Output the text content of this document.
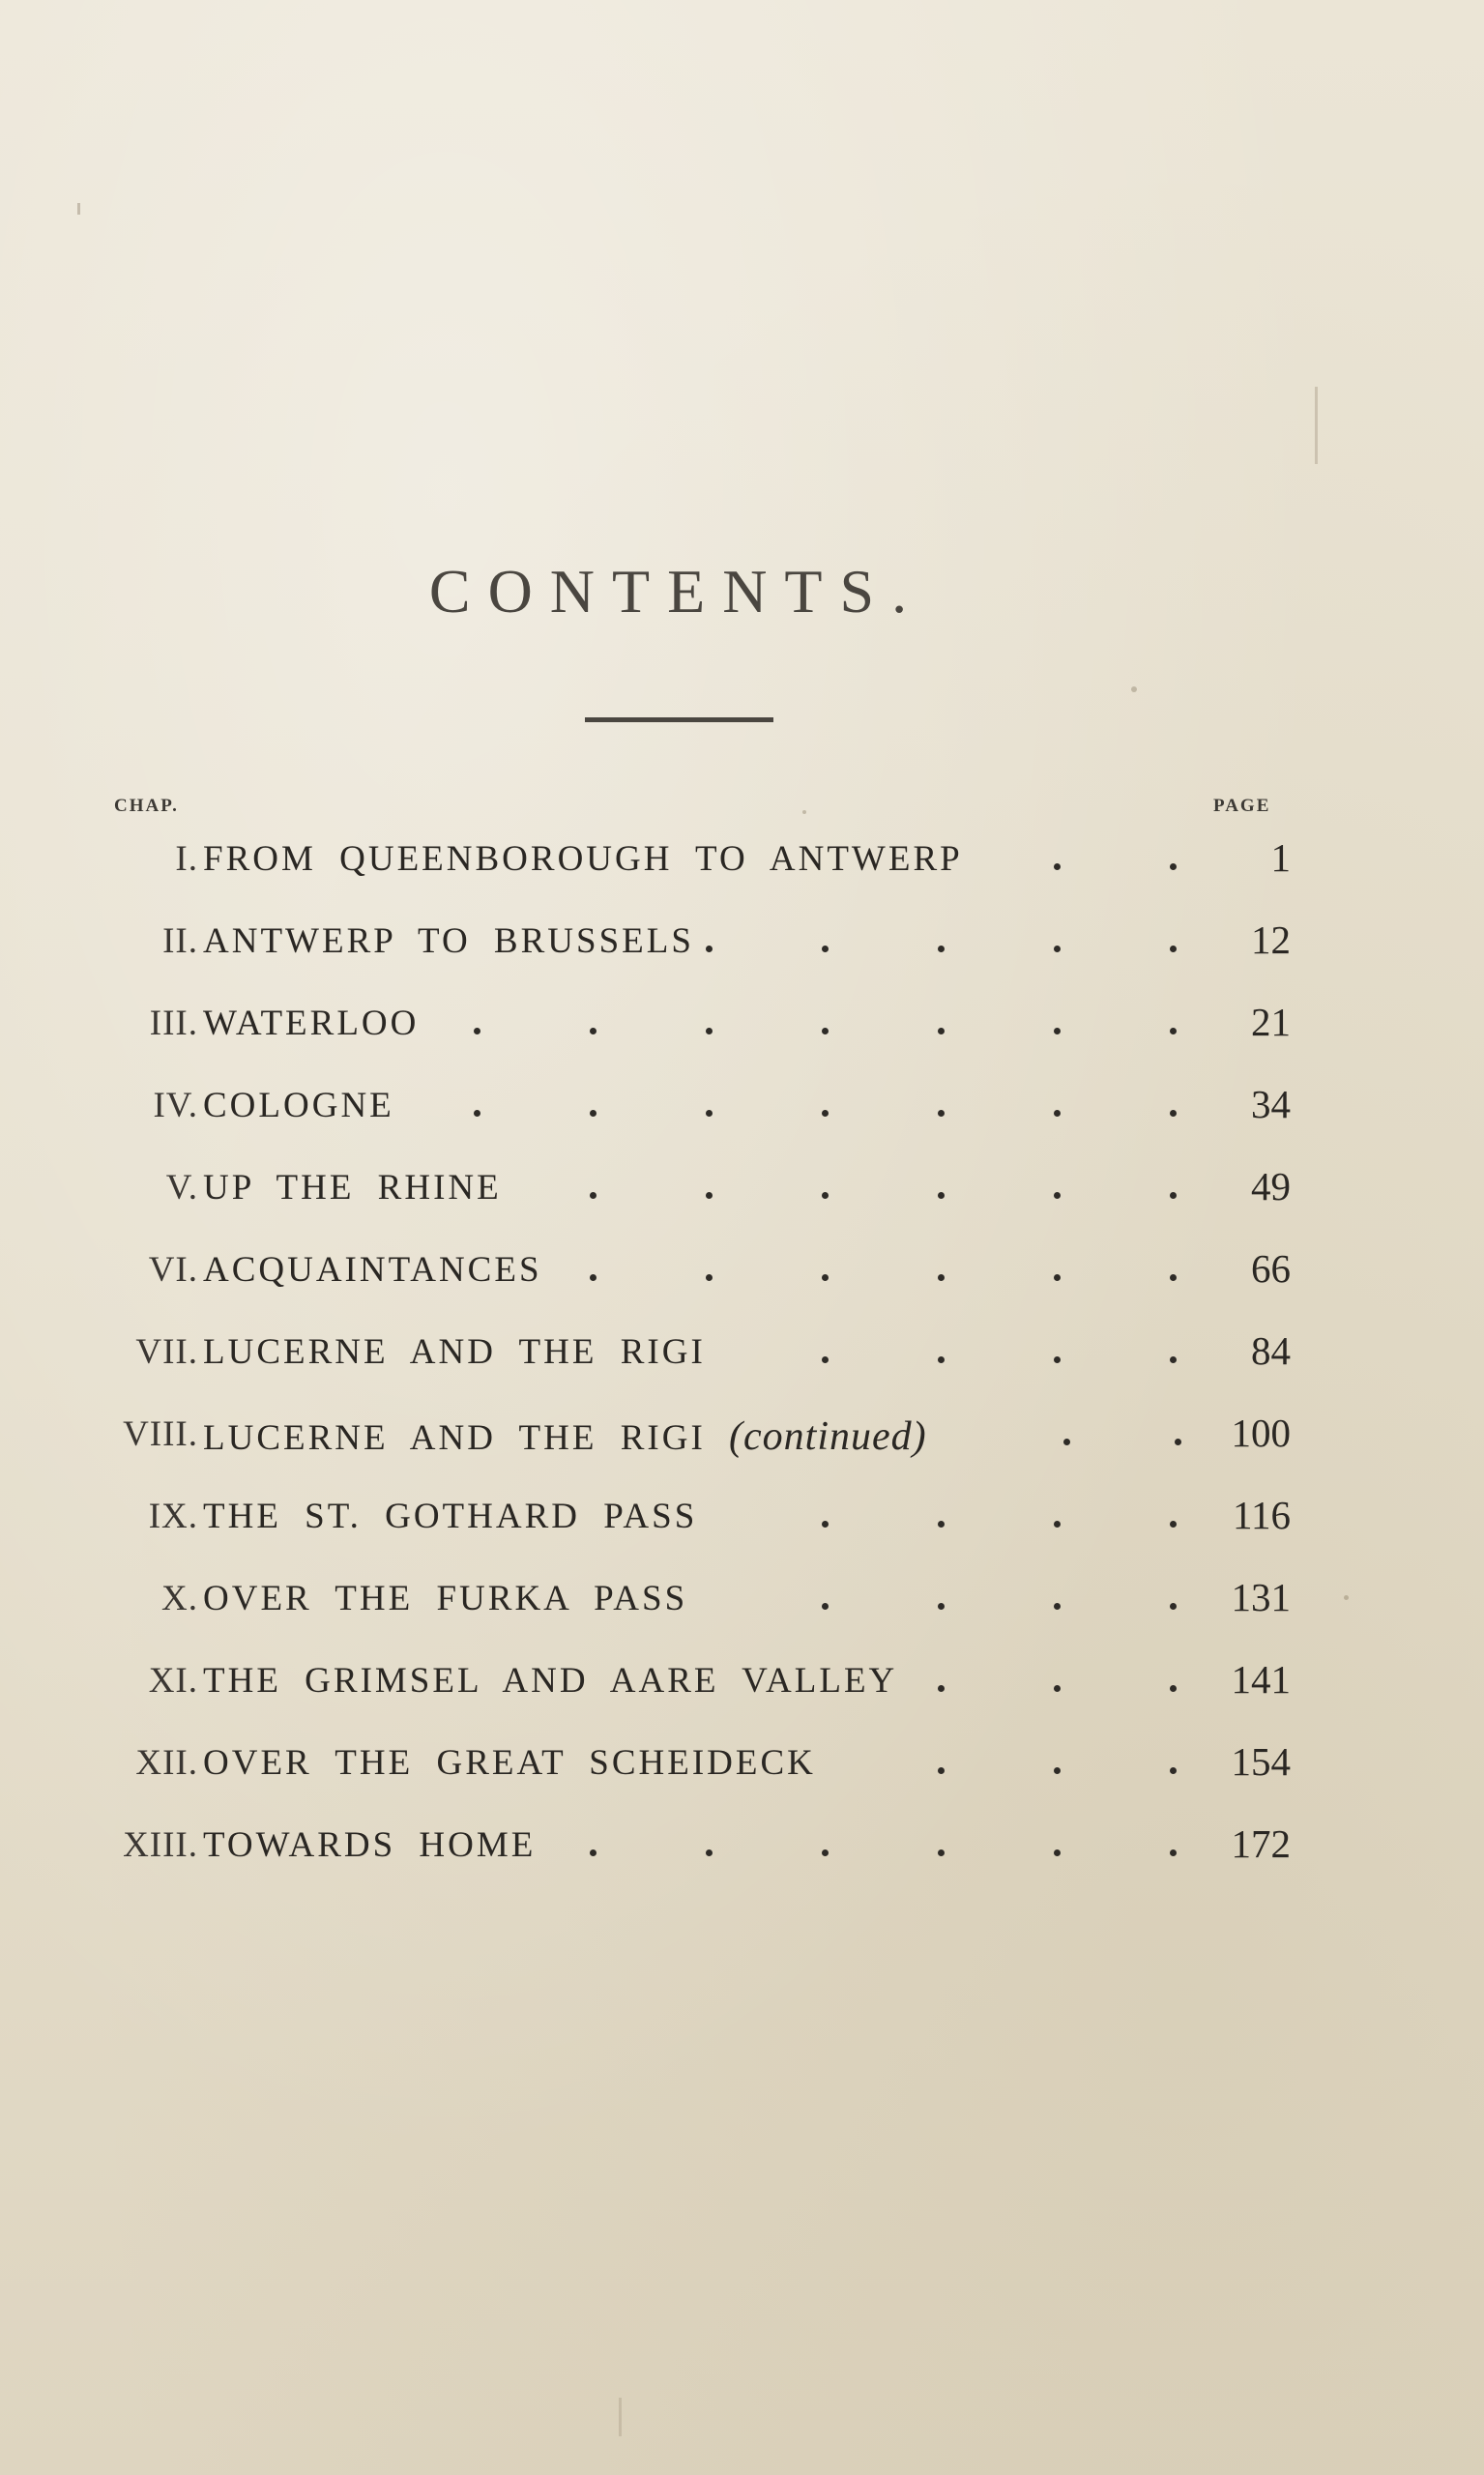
CONTENTS.
CHAP.	PAGE
I. FROM QUEENBOROUGH TO ANTWERP	1
II. ANTWERP TO BRUSSELS	12
III. WATERLOO	21
IV. COLOGNE	34
V. UP THE RHINE	49
VI. ACQUAINTANCES	66
VII. LUCERNE AND THE RIGI	84
VIII. LUCERNE AND THE RIGI (continued)	100
IX. THE ST. GOTHARD PASS	116
X. OVER THE FURKA PASS	131
XI. THE GRIMSEL AND AARE VALLEY	141
XII. OVER THE GREAT SCHEIDECK	154
XIII. TOWARDS HOME	172
